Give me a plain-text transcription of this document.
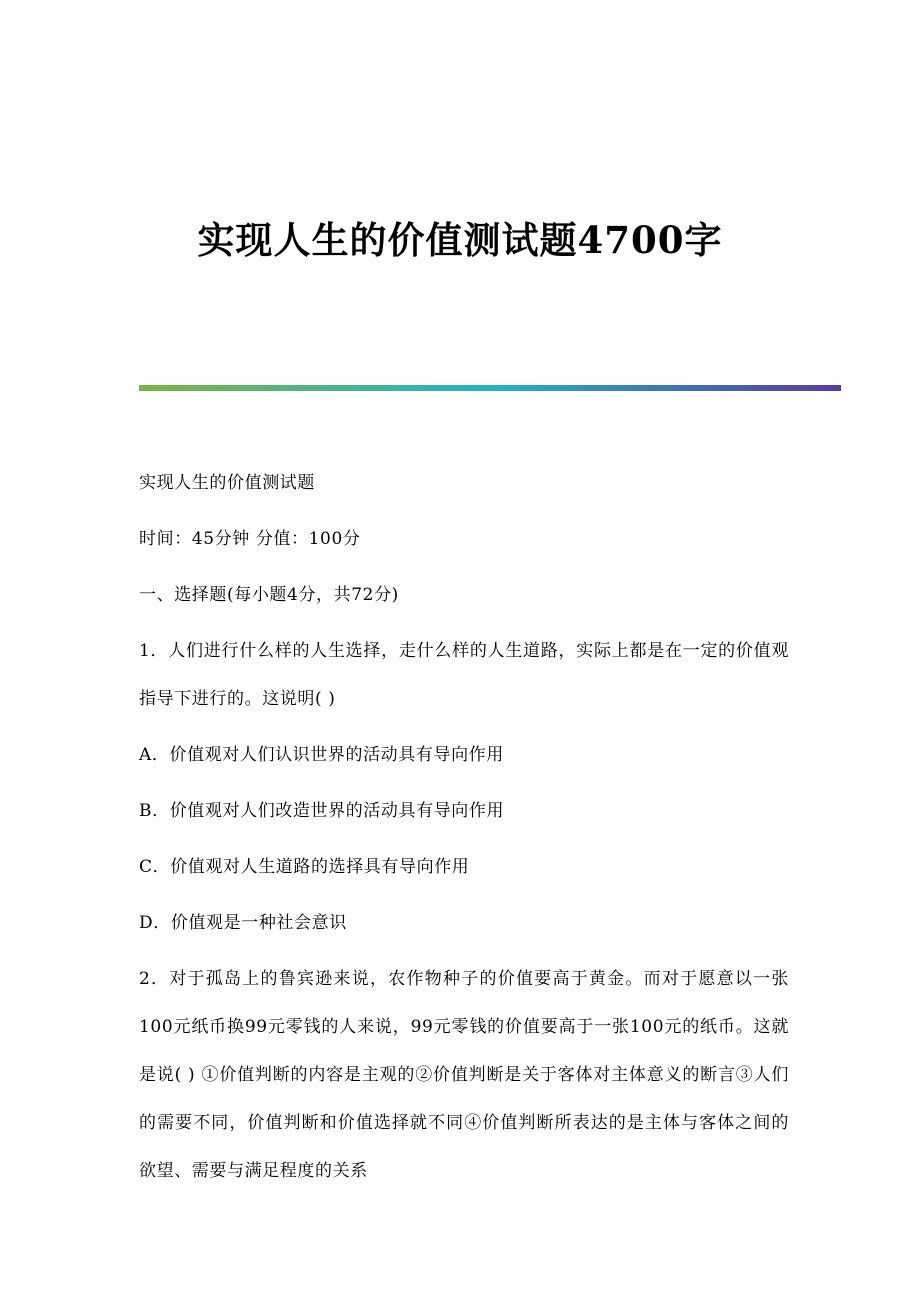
实现人生的价值测试题4700字

实现人生的价值测试题

时间：45分钟 分值：100分

一、选择题(每小题4分，共72分)

1．人们进行什么样的人生选择，走什么样的人生道路，实际上都是在一定的价值观指导下进行的。这说明( )

A．价值观对人们认识世界的活动具有导向作用

B．价值观对人们改造世界的活动具有导向作用

C．价值观对人生道路的选择具有导向作用

D．价值观是一种社会意识

2．对于孤岛上的鲁宾逊来说，农作物种子的价值要高于黄金。而对于愿意以一张100元纸币换99元零钱的人来说，99元零钱的价值要高于一张100元的纸币。这就是说( ) ①价值判断的内容是主观的②价值判断是关于客体对主体意义的断言③人们的需要不同，价值判断和价值选择就不同④价值判断所表达的是主体与客体之间的欲望、需要与满足程度的关系
